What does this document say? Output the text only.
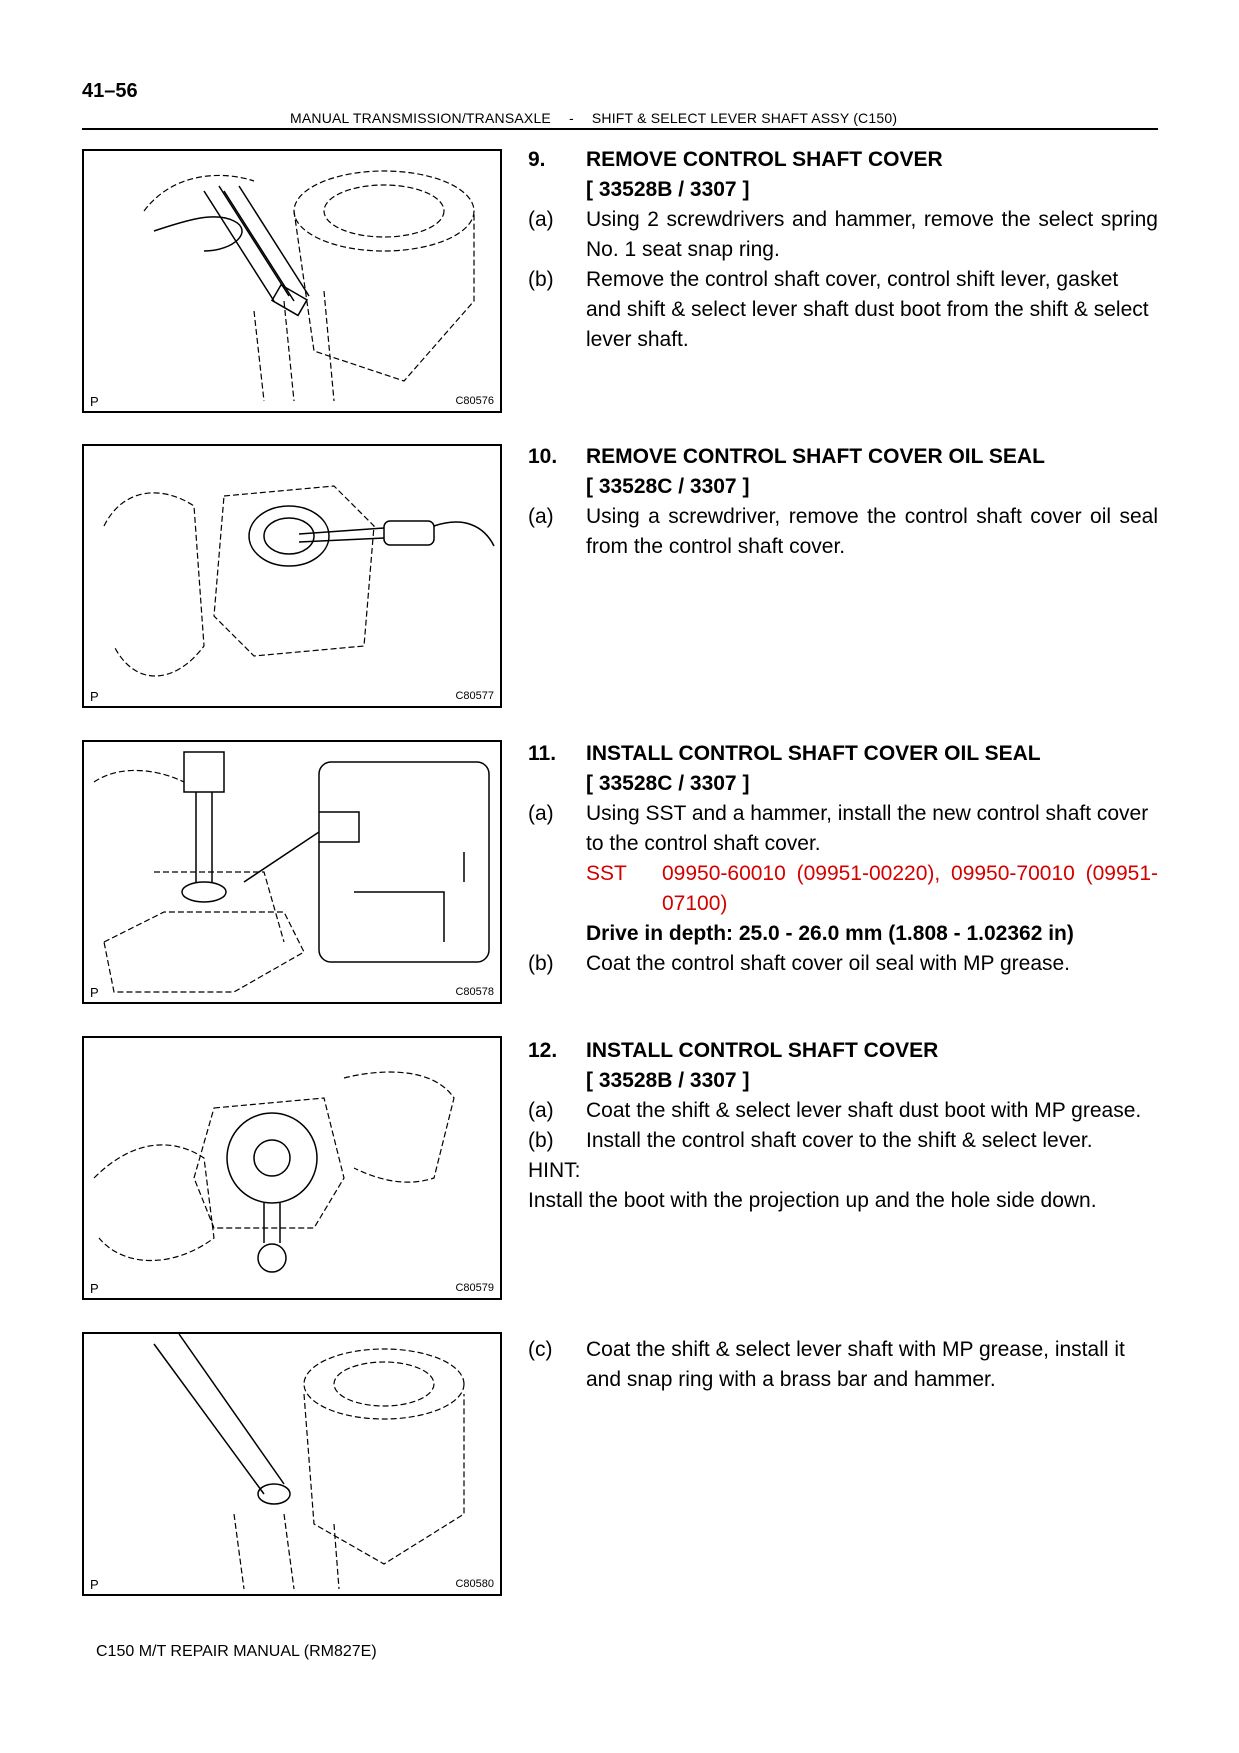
41–56
MANUAL TRANSMISSION/TRANSAXLE - SHIFT & SELECT LEVER SHAFT ASSY (C150)
P	C80576
P	C80577
P	C80578
P	C80579
P	C80580
9.	REMOVE CONTROL SHAFT COVER
[ 33528B / 3307 ]
(a)	Using 2 screwdrivers and hammer, remove the select spring No. 1 seat snap ring.
(b)	Remove the control shaft cover, control shift lever, gasket and shift & select lever shaft dust boot from the shift & select lever shaft.
10.	REMOVE CONTROL SHAFT COVER OIL SEAL
[ 33528C / 3307 ]
(a)	Using a screwdriver, remove the control shaft cover oil seal from the control shaft cover.
11.	INSTALL CONTROL SHAFT COVER OIL SEAL
[ 33528C / 3307 ]
(a)	Using SST and a hammer, install the new control shaft cover to the control shaft cover.
SST	09950-60010 (09951-00220), 09950-70010 (09951-07100)
Drive in depth: 25.0 - 26.0 mm (1.808 - 1.02362 in)
(b)	Coat the control shaft cover oil seal with MP grease.
12.	INSTALL CONTROL SHAFT COVER
[ 33528B / 3307 ]
(a)	Coat the shift & select lever shaft dust boot with MP grease.
(b)	Install the control shaft cover to the shift & select lever.
HINT:
Install the boot with the projection up and the hole side down.
(c)	Coat the shift & select lever shaft with MP grease, install it and snap ring with a brass bar and hammer.
C150 M/T REPAIR MANUAL (RM827E)
